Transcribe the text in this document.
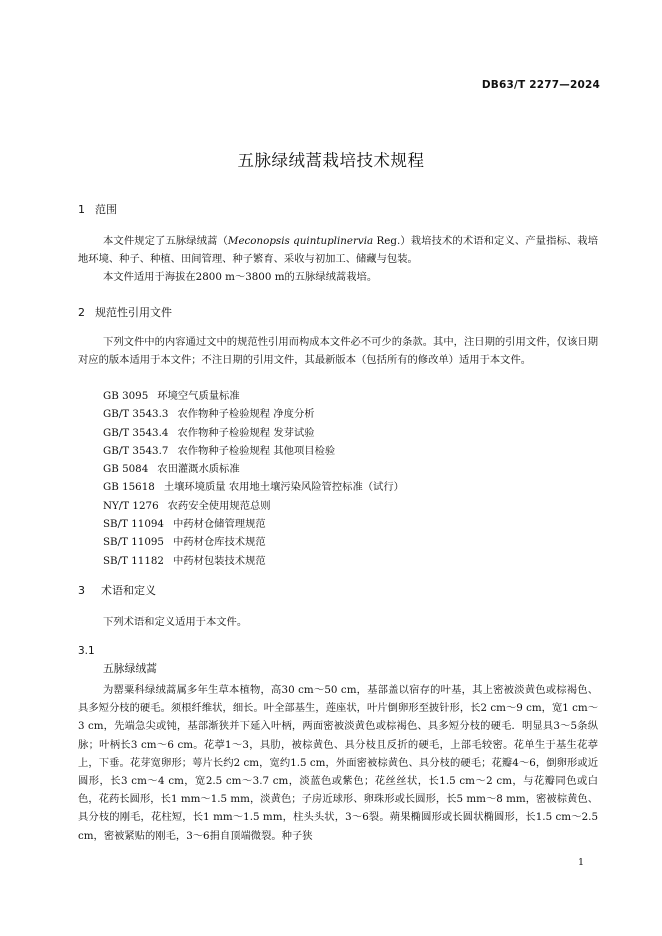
DB63/T 2277—2024
五脉绿绒蒿栽培技术规程
1 范围
本文件规定了五脉绿绒蒿（Meconopsis quintuplinervia Reg.）栽培技术的术语和定义、产量指标、栽培地环境、种子、种植、田间管理、种子繁育、采收与初加工、储藏与包装。
本文件适用于海拔在2800 m～3800 m的五脉绿绒蒿栽培。
2 规范性引用文件
下列文件中的内容通过文中的规范性引用而构成本文件必不可少的条款。其中，注日期的引用文件，仅该日期对应的版本适用于本文件；不注日期的引用文件，其最新版本（包括所有的修改单）适用于本文件。
GB 3095 环境空气质量标准
GB/T 3543.3 农作物种子检验规程 净度分析
GB/T 3543.4 农作物种子检验规程 发芽试验
GB/T 3543.7 农作物种子检验规程 其他项目检验
GB 5084 农田灌溉水质标准
GB 15618 土壤环境质量 农用地土壤污染风险管控标准（试行）
NY/T 1276 农药安全使用规范总则
SB/T 11094 中药材仓储管理规范
SB/T 11095 中药材仓库技术规范
SB/T 11182 中药材包装技术规范
3 术语和定义
下列术语和定义适用于本文件。
3.1
五脉绿绒蒿
为罂粟科绿绒蒿属多年生草本植物，高30 cm～50 cm，基部盖以宿存的叶基，其上密被淡黄色或棕褐色、具多短分枝的硬毛。须根纤维状，细长。叶全部基生，莲座状，叶片倒卵形至披针形，长2 cm～9 cm，宽1 cm～3 cm，先端急尖或钝，基部渐狭并下延入叶柄，两面密被淡黄色或棕褐色、具多短分枝的硬毛．明显具3～5条纵脉；叶柄长3 cm～6 cm。花葶1～3，具肋，被棕黄色、具分枝且反折的硬毛，上部毛较密。花单生于基生花葶上，下垂。花芽宽卵形；萼片长约2 cm，宽约1.5 cm，外面密被棕黄色、具分枝的硬毛；花瓣4～6，倒卵形或近圆形，长3 cm～4 cm，宽2.5 cm～3.7 cm，淡蓝色或紫色；花丝丝状，长1.5 cm～2 cm，与花瓣同色或白色，花药长圆形，长1 mm～1.5 mm，淡黄色；子房近球形、卵珠形或长圆形，长5 mm～8 mm，密被棕黄色、具分枝的刚毛，花柱短，长1 mm～1.5 mm，柱头头状，3～6裂。蒴果椭圆形或长圆状椭圆形，长1.5 cm～2.5 cm，密被紧贴的刚毛，3～6捐自顶端微裂。种子狭
1
